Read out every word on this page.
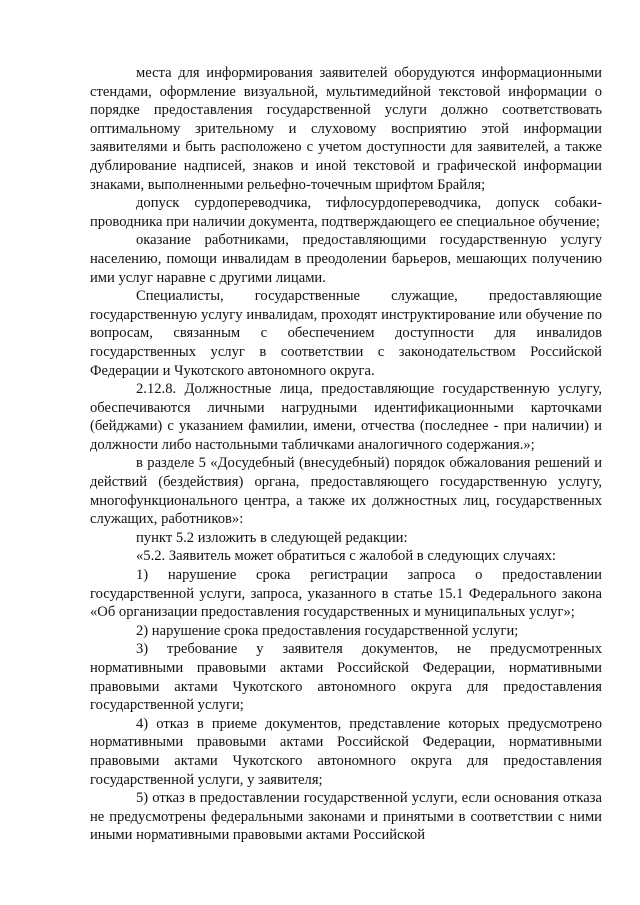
места для информирования заявителей оборудуются информационными стендами, оформление визуальной, мультимедийной текстовой информации о порядке предоставления государственной услуги должно соответствовать оптимальному зрительному и слуховому восприятию этой информации заявителями и быть расположено с учетом доступности для заявителей, а также дублирование надписей, знаков и иной текстовой и графической информации знаками, выполненными рельефно-точечным шрифтом Брайля;

допуск сурдопереводчика, тифлосурдопереводчика, допуск собаки-проводника при наличии документа, подтверждающего ее специальное обучение;

оказание работниками, предоставляющими государственную услугу населению, помощи инвалидам в преодолении барьеров, мешающих получению ими услуг наравне с другими лицами.

Специалисты, государственные служащие, предоставляющие государственную услугу инвалидам, проходят инструктирование или обучение по вопросам, связанным с обеспечением доступности для инвалидов государственных услуг в соответствии с законодательством Российской Федерации и Чукотского автономного округа.

2.12.8. Должностные лица, предоставляющие государственную услугу, обеспечиваются личными нагрудными идентификационными карточками (бейджами) с указанием фамилии, имени, отчества (последнее - при наличии) и должности либо настольными табличками аналогичного содержания.»;

в разделе 5 «Досудебный (внесудебный) порядок обжалования решений и действий (бездействия) органа, предоставляющего государственную услугу, многофункционального центра, а также их должностных лиц, государственных служащих, работников»:

пункт 5.2 изложить в следующей редакции:

«5.2. Заявитель может обратиться с жалобой в следующих случаях:

1) нарушение срока регистрации запроса о предоставлении государственной услуги, запроса, указанного в статье 15.1 Федерального закона «Об организации предоставления государственных и муниципальных услуг»;

2) нарушение срока предоставления государственной услуги;

3) требование у заявителя документов, не предусмотренных нормативными правовыми актами Российской Федерации, нормативными правовыми актами Чукотского автономного округа для предоставления государственной услуги;

4) отказ в приеме документов, представление которых предусмотрено нормативными правовыми актами Российской Федерации, нормативными правовыми актами Чукотского автономного округа для предоставления государственной услуги, у заявителя;

5) отказ в предоставлении государственной услуги, если основания отказа не предусмотрены федеральными законами и принятыми в соответствии с ними иными нормативными правовыми актами Российской
